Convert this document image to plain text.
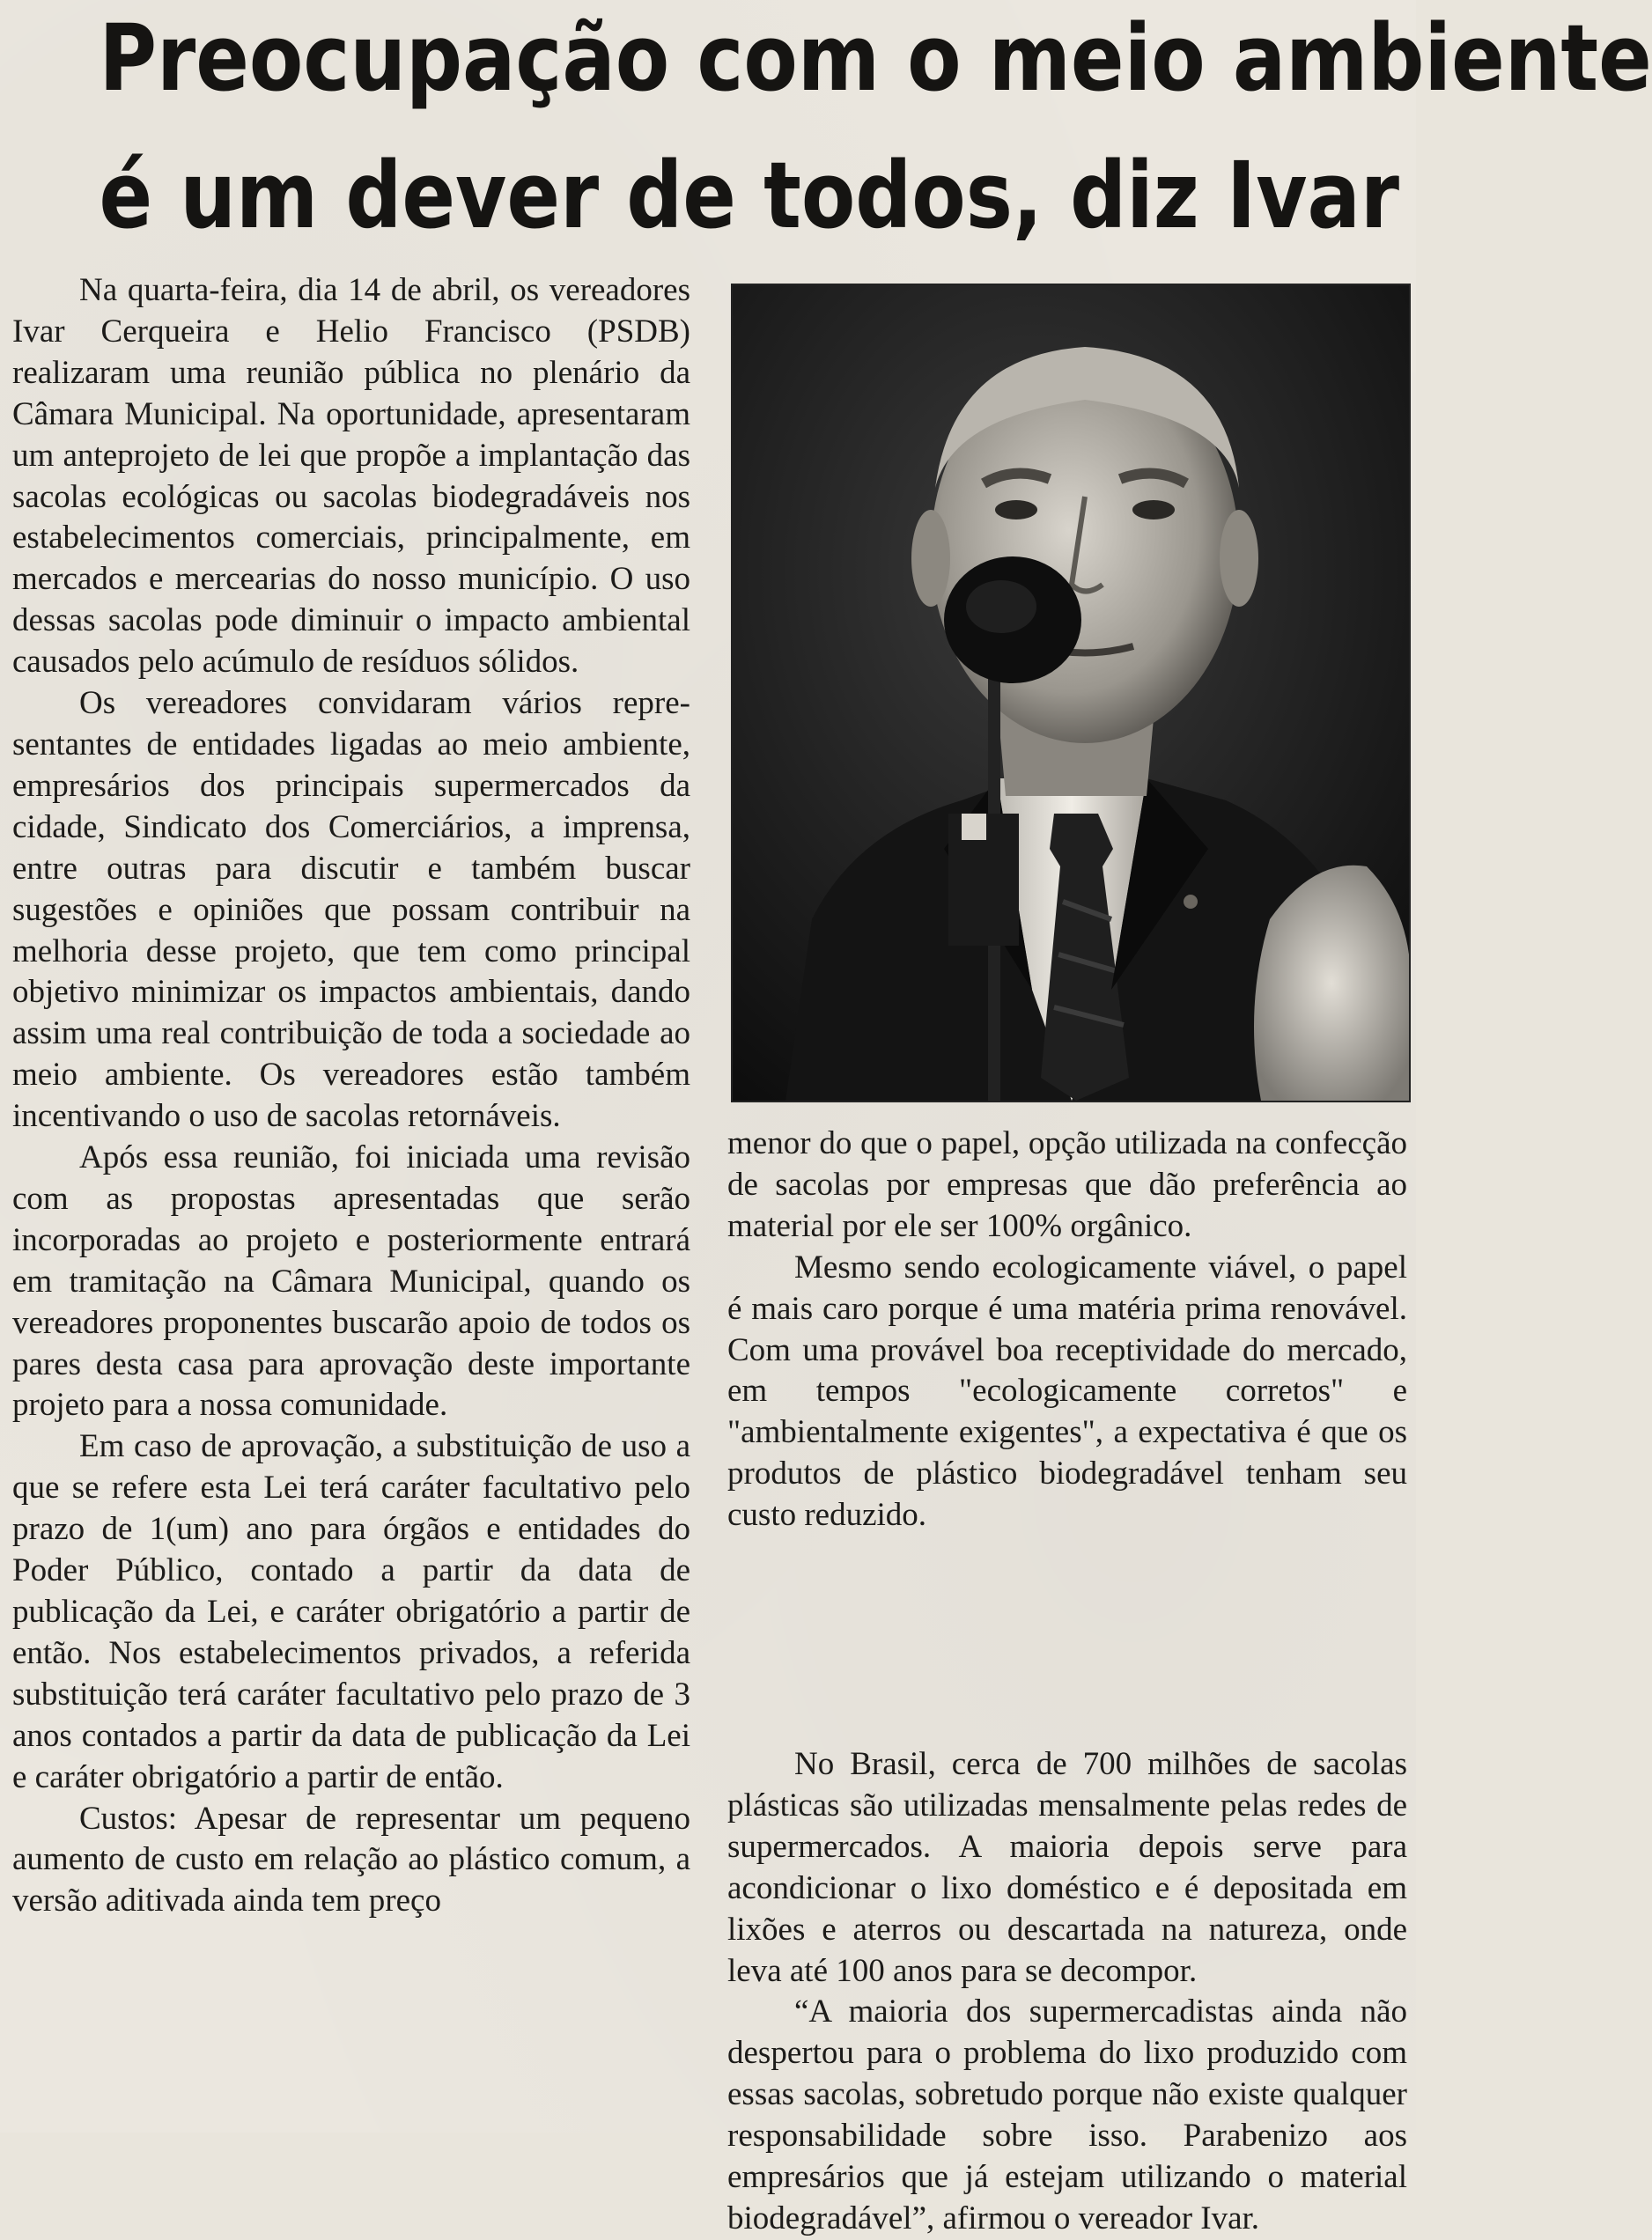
Preocupação com o meio ambiente
é um dever de todos, diz Ivar

Na quarta-feira, dia 14 de abril, os vereadores Ivar Cerqueira e Helio Francisco (PSDB) realizaram uma reunião pública no plenário da Câmara Municipal. Na oportunidade, apresentaram um anteprojeto de lei que propõe a implantação das sacolas ecológicas ou sacolas biodegradáveis nos estabelecimentos comerciais, principalmente, em mercados e mercearias do nosso município. O uso dessas sacolas pode diminuir o impacto ambiental causados pelo acúmulo de resíduos sólidos.

Os vereadores convidaram vários representantes de entidades ligadas ao meio ambiente, empresários dos principais supermercados da cidade, Sindicato dos Comerciários, a imprensa, entre outras para discutir e também buscar sugestões e opiniões que possam contribuir na melhoria desse projeto, que tem como principal objetivo minimizar os impactos ambientais, dando assim uma real contribuição de toda a sociedade ao meio ambiente. Os vereadores estão também incentivando o uso de sacolas retornáveis.

Após essa reunião, foi iniciada uma revisão com as propostas apresentadas que serão incorporadas ao projeto e posteriormente entrará em tramitação na Câmara Municipal, quando os vereadores proponentes buscarão apoio de todos os pares desta casa para aprovação deste importante projeto para a nossa comunidade.

Em caso de aprovação, a substituição de uso a que se refere esta Lei terá caráter facultativo pelo prazo de 1(um) ano para órgãos e entidades do Poder Público, contado a partir da data de publicação da Lei, e caráter obrigatório a partir de então. Nos estabelecimentos privados, a referida substituição terá caráter facultativo pelo prazo de 3 anos contados a partir da data de publicação da Lei e caráter obrigatório a partir de então.

Custos: Apesar de representar um pequeno aumento de custo em relação ao plástico comum, a versão aditivada ainda tem preço

menor do que o papel, opção utilizada na confecção de sacolas por empresas que dão preferência ao material por ele ser 100% orgânico.

Mesmo sendo ecologicamente viável, o papel é mais caro porque é uma matéria prima renovável. Com uma provável boa receptividade do mercado, em tempos "ecologicamente corretos" e "ambientalmente exigentes", a expectativa é que os produtos de plástico biodegradável tenham seu custo reduzido.

No Brasil, cerca de 700 milhões de sacolas plásticas são utilizadas mensalmente pelas redes de supermercados. A maioria depois serve para acondicionar o lixo doméstico e é depositada em lixões e aterros ou descartada na natureza, onde leva até 100 anos para se decompor.

“A maioria dos supermercadistas ainda não despertou para o problema do lixo produzido com essas sacolas, sobretudo porque não existe qualquer responsabilidade sobre isso. Parabenizo aos empresários que já estejam utilizando o material biodegradável”, afirmou o vereador Ivar.
